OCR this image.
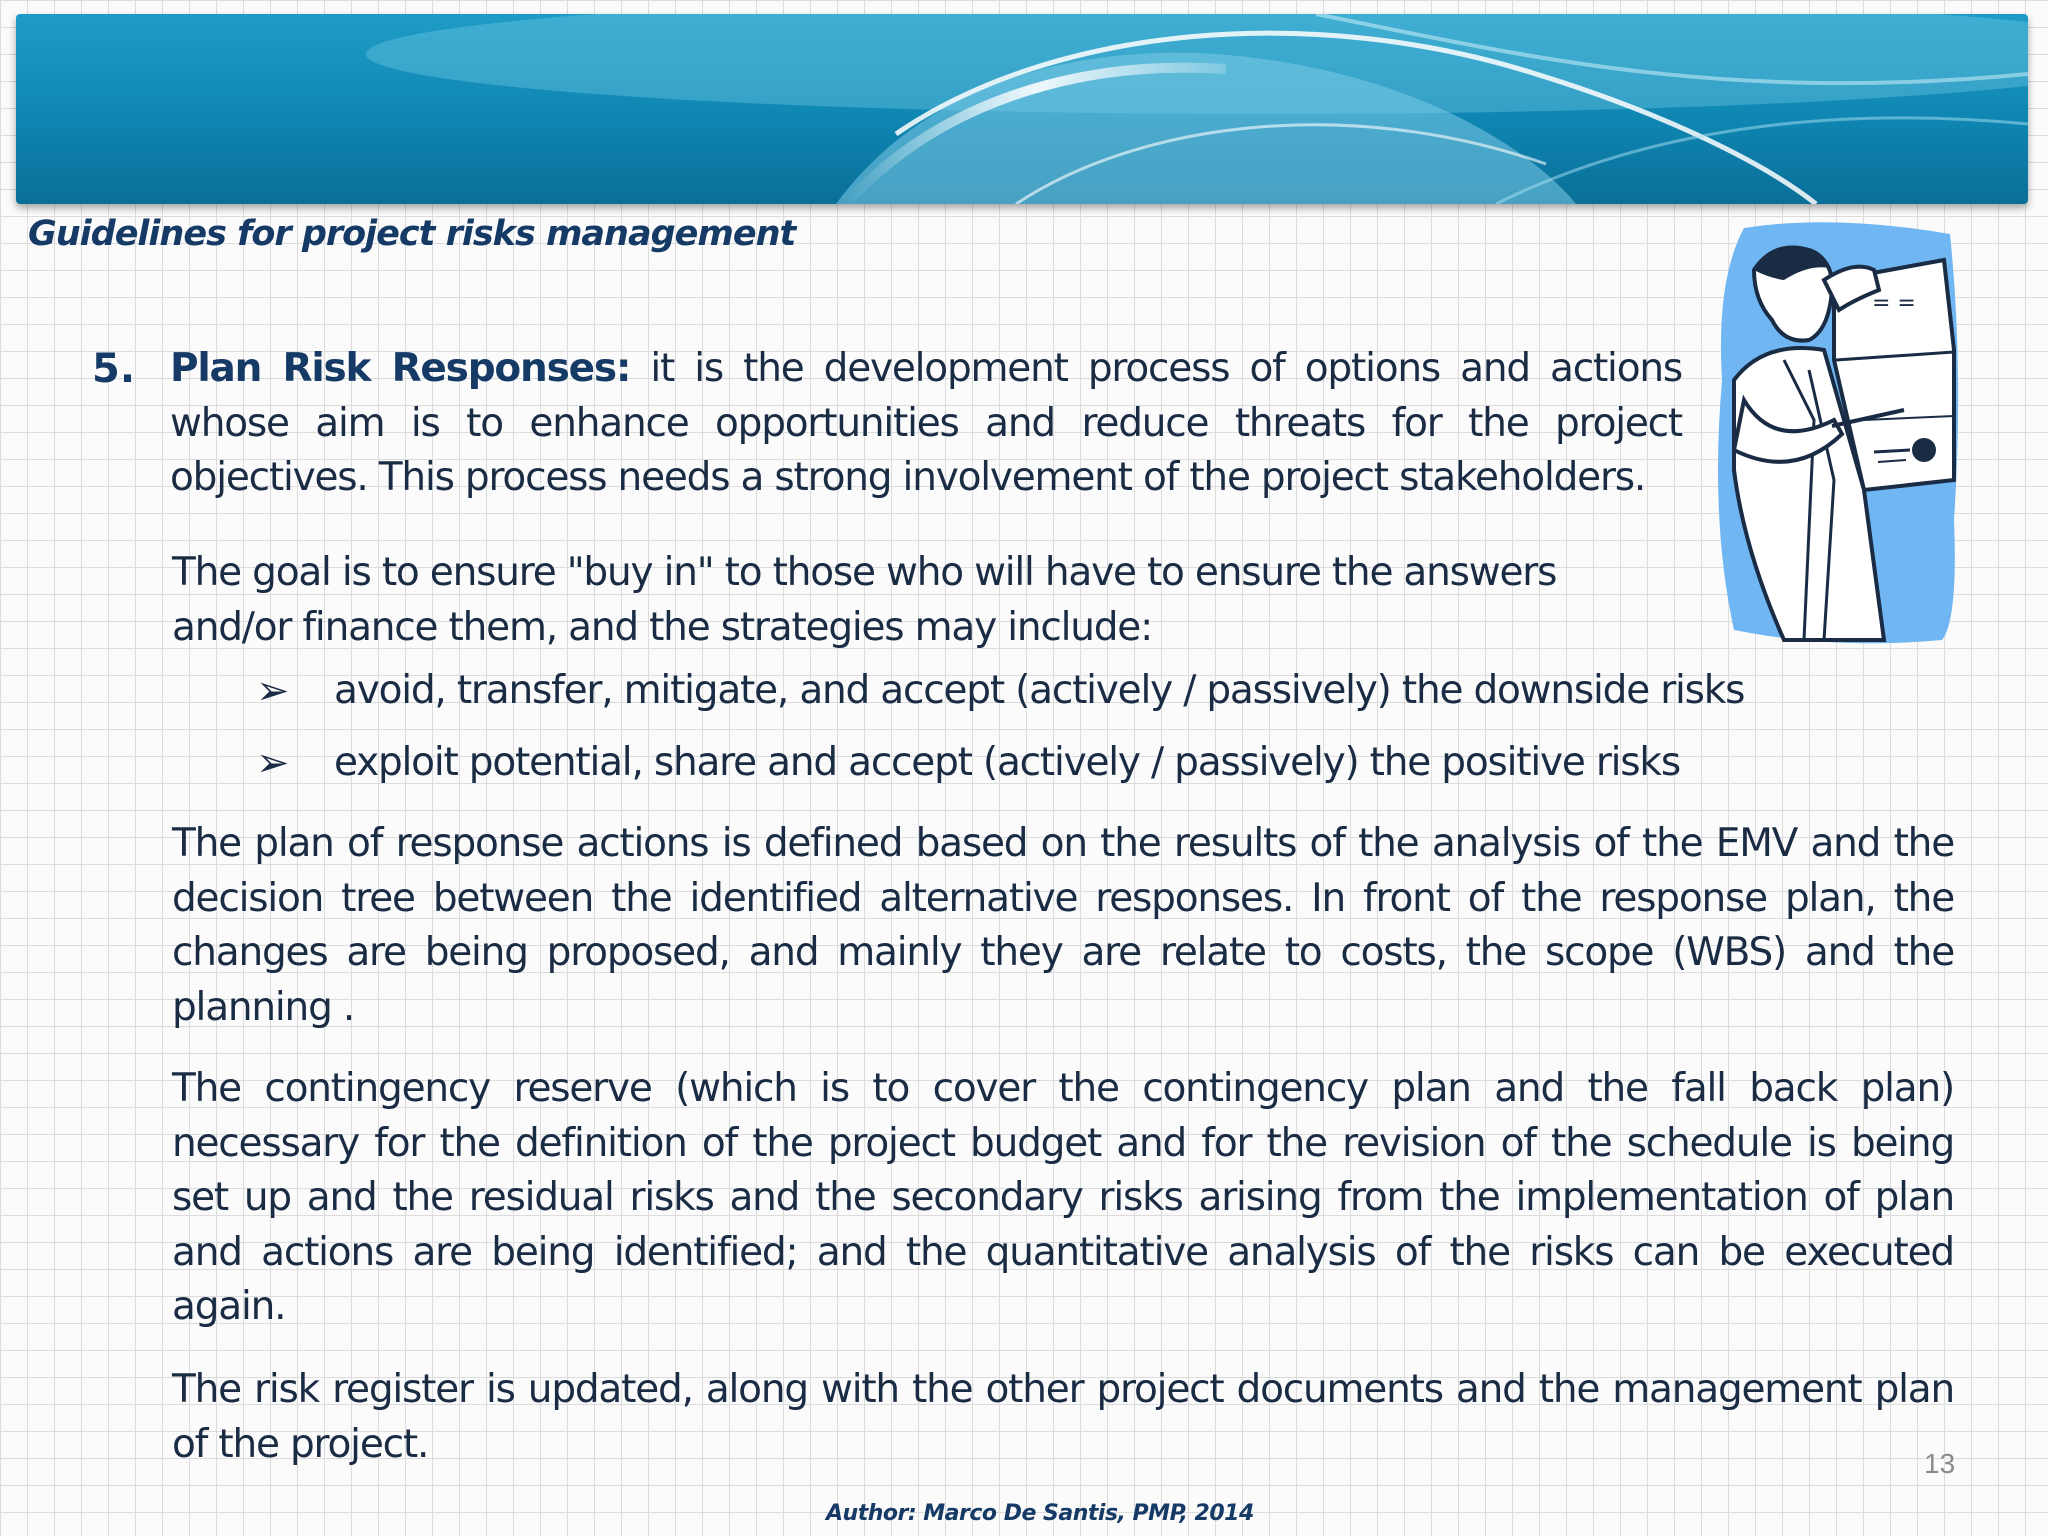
Guidelines for project risks management
= =
5. Plan Risk Responses: it is the development process of options and actions whose aim is to enhance opportunities and reduce threats for the project objectives. This process needs a strong involvement of the project stakeholders.

The goal is to ensure "buy in" to those who will have to ensure the answers and/or finance them, and the strategies may include:

➢ avoid, transfer, mitigate, and accept (actively / passively) the downside risks

➢ exploit potential, share and accept (actively / passively) the positive risks

The plan of response actions is defined based on the results of the analysis of the EMV and the decision tree between the identified alternative responses. In front of the response plan, the changes are being proposed, and mainly they are relate to costs, the scope (WBS) and the planning .

The contingency reserve (which is to cover the contingency plan and the fall back plan) necessary for the definition of the project budget and for the revision of the schedule is being set up and the residual risks and the secondary risks arising from the implementation of plan and actions are being identified; and the quantitative analysis of the risks can be executed again.

The risk register is updated, along with the other project documents and the management plan of the project.	13
Author: Marco De Santis, PMP, 2014
